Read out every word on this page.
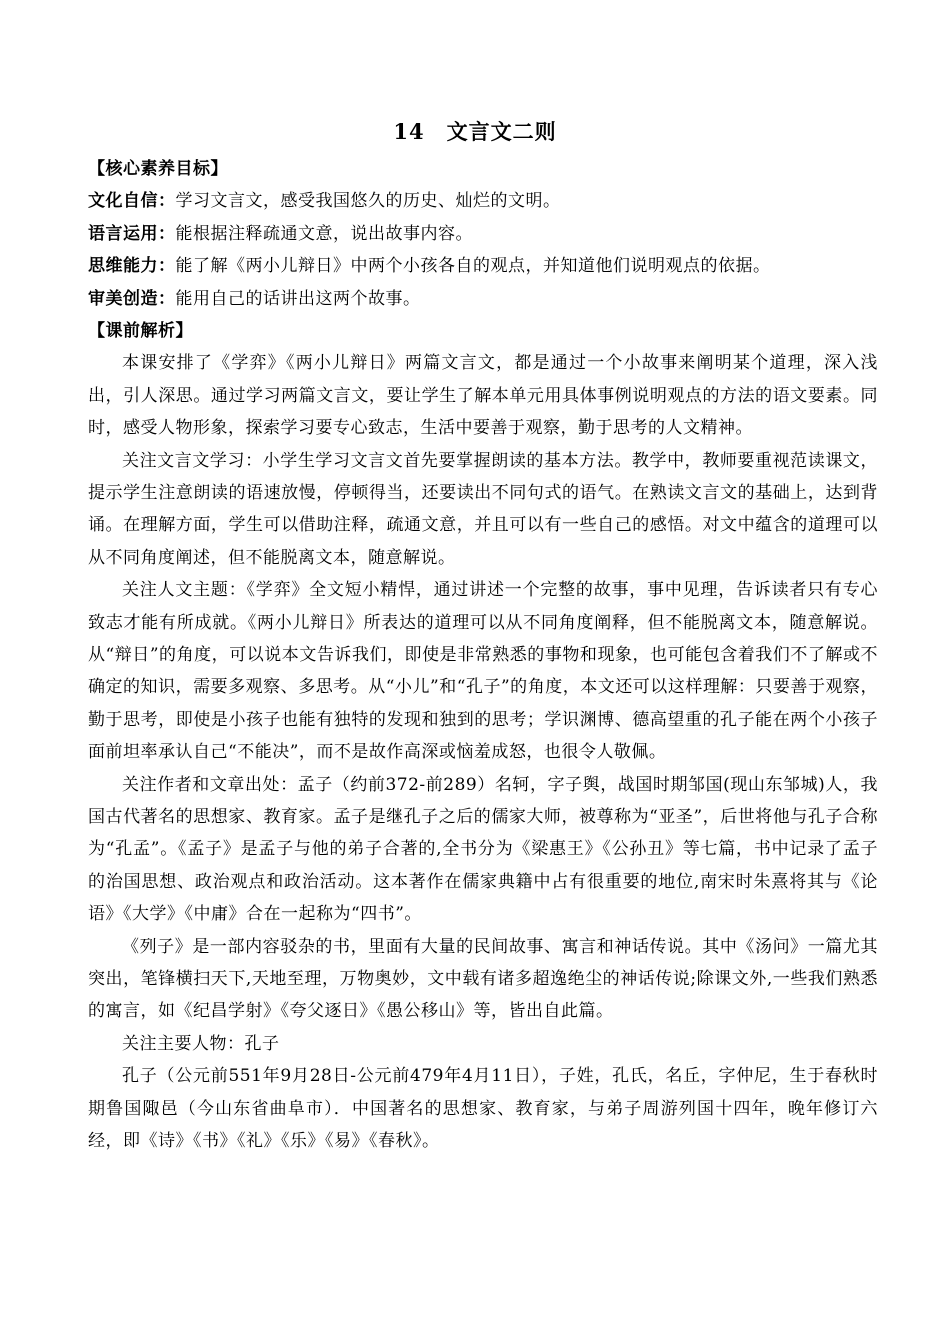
14　文言文二则
【核心素养目标】
文化自信：学习文言文，感受我国悠久的历史、灿烂的文明。
语言运用：能根据注释疏通文意，说出故事内容。
思维能力：能了解《两小儿辩日》中两个小孩各自的观点，并知道他们说明观点的依据。
审美创造：能用自己的话讲出这两个故事。
【课前解析】

本课安排了《学弈》《两小儿辩日》两篇文言文，都是通过一个小故事来阐明某个道理，深入浅出，引人深思。通过学习两篇文言文，要让学生了解本单元用具体事例说明观点的方法的语文要素。同时，感受人物形象，探索学习要专心致志，生活中要善于观察，勤于思考的人文精神。

关注文言文学习：小学生学习文言文首先要掌握朗读的基本方法。教学中，教师要重视范读课文，提示学生注意朗读的语速放慢，停顿得当，还要读出不同句式的语气。在熟读文言文的基础上，达到背诵。在理解方面，学生可以借助注释，疏通文意，并且可以有一些自己的感悟。对文中蕴含的道理可以从不同角度阐述，但不能脱离文本，随意解说。

关注人文主题：《学弈》全文短小精悍，通过讲述一个完整的故事，事中见理，告诉读者只有专心致志才能有所成就。《两小儿辩日》所表达的道理可以从不同角度阐释，但不能脱离文本，随意解说。从“辩日”的角度，可以说本文告诉我们，即使是非常熟悉的事物和现象，也可能包含着我们不了解或不确定的知识，需要多观察、多思考。从“小儿”和“孔子”的角度，本文还可以这样理解：只要善于观察，勤于思考，即使是小孩子也能有独特的发现和独到的思考；学识渊博、德高望重的孔子能在两个小孩子面前坦率承认自己“不能决”，而不是故作高深或恼羞成怒，也很令人敬佩。

关注作者和文章出处：孟子（约前372-前289）名轲，字子舆，战国时期邹国(现山东邹城)人，我国古代著名的思想家、教育家。孟子是继孔子之后的儒家大师，被尊称为“亚圣”，后世将他与孔子合称为“孔孟”。《孟子》是孟子与他的弟子合著的,全书分为《梁惠王》《公孙丑》等七篇，书中记录了孟子的治国思想、政治观点和政治活动。这本著作在儒家典籍中占有很重要的地位,南宋时朱熹将其与《论语》《大学》《中庸》合在一起称为“四书”。

《列子》是一部内容驳杂的书，里面有大量的民间故事、寓言和神话传说。其中《汤问》一篇尤其突出，笔锋横扫天下,天地至理，万物奥妙，文中载有诸多超逸绝尘的神话传说;除课文外,一些我们熟悉的寓言，如《纪昌学射》《夸父逐日》《愚公移山》等，皆出自此篇。

关注主要人物：孔子

孔子（公元前551年9月28日-公元前479年4月11日），子姓，孔氏，名丘，字仲尼，生于春秋时期鲁国陬邑（今山东省曲阜市）．中国著名的思想家、教育家，与弟子周游列国十四年，晚年修订六经，即《诗》《书》《礼》《乐》《易》《春秋》。
